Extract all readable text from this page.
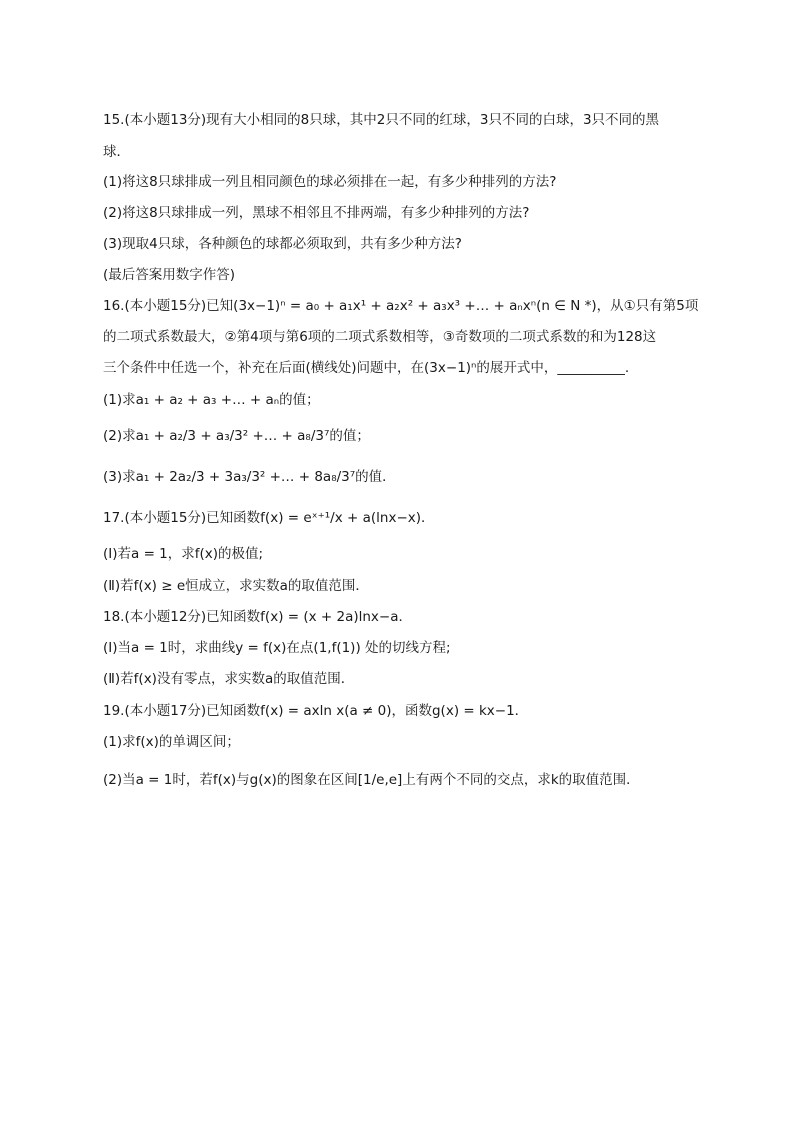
15.(本小题13分)现有大小相同的8只球，其中2只不同的红球，3只不同的白球，3只不同的黑
球．
(1)将这8只球排成一列且相同颜色的球必须排在一起，有多少种排列的方法?
(2)将这8只球排成一列，黑球不相邻且不排两端，有多少种排列的方法?
(3)现取4只球，各种颜色的球都必须取到，共有多少种方法?
(最后答案用数字作答)
16.(本小题15分)已知(3x−1)ⁿ = a₀ + a₁x¹ + a₂x² + a₃x³ +… + aₙxⁿ(n ∈ N *)，从①只有第5项
的二项式系数最大，②第4项与第6项的二项式系数相等，③奇数项的二项式系数的和为128这
三个条件中任选一个，补充在后面(横线处)问题中，在(3x−1)ⁿ的展开式中，__________.
(1)求a₁ + a₂ + a₃ +… + aₙ的值；
(2)求a₁ + a₂/3 + a₃/3² +… + a₈/3⁷的值；
(3)求a₁ + 2a₂/3 + 3a₃/3² +… + 8a₈/3⁷的值．
17.(本小题15分)已知函数f(x) = eˣ⁺¹/x + a(lnx−x)．
(Ⅰ)若a = 1，求f(x)的极值;
(Ⅱ)若f(x) ≥ e恒成立，求实数a的取值范围．
18.(本小题12分)已知函数f(x) = (x + 2a)lnx−a．
(Ⅰ)当a = 1时，求曲线y = f(x)在点(1,f(1)) 处的切线方程;
(Ⅱ)若f(x)没有零点，求实数a的取值范围．
19.(本小题17分)已知函数f(x) = axln x(a ≠ 0)，函数g(x) = kx−1．
(1)求f(x)的单调区间；
(2)当a = 1时，若f(x)与g(x)的图象在区间[1/e,e]上有两个不同的交点，求k的取值范围．
